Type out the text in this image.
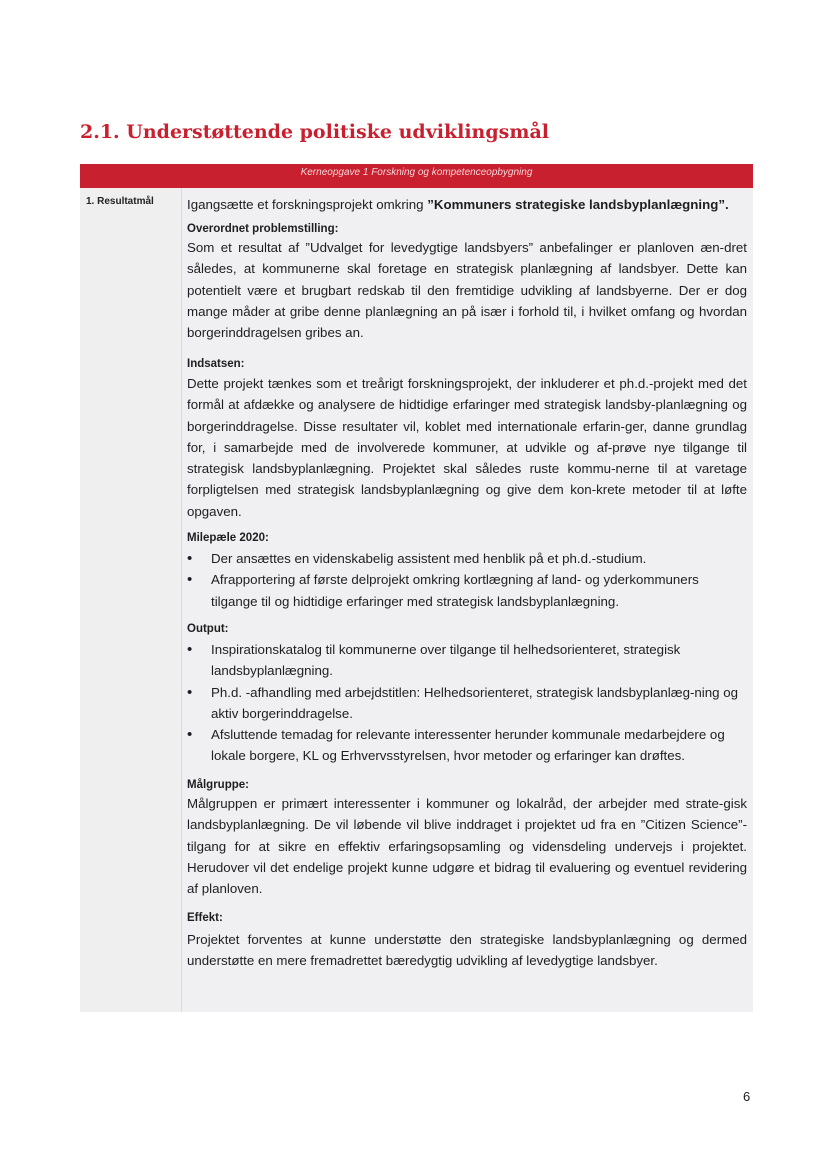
2.1. Understøttende politiske udviklingsmål
Kerneopgave 1 Forskning og kompetenceopbygning
1. Resultatmål Igangsætte et forskningsprojekt omkring ”Kommuners strategiske landsbyplanlægning”.

Overordnet problemstilling:

Som et resultat af ”Udvalget for levedygtige landsbyers” anbefalinger er planloven æn-dret således, at kommunerne skal foretage en strategisk planlægning af landsbyer. Dette kan potentielt være et brugbart redskab til den fremtidige udvikling af landsbyerne. Der er dog mange måder at gribe denne planlægning an på især i forhold til, i hvilket omfang og hvordan borgerinddragelsen gribes an.

Indsatsen:

Dette projekt tænkes som et treårigt forskningsprojekt, der inkluderer et ph.d.-projekt med det formål at afdække og analysere de hidtidige erfaringer med strategisk landsby-planlægning og borgerinddragelse. Disse resultater vil, koblet med internationale erfarin-ger, danne grundlag for, i samarbejde med de involverede kommuner, at udvikle og af-prøve nye tilgange til strategisk landsbyplanlægning. Projektet skal således ruste kommu-nerne til at varetage forpligtelsen med strategisk landsbyplanlægning og give dem kon-krete metoder til at løfte opgaven.

Milepæle 2020:
• Der ansættes en videnskabelig assistent med henblik på et ph.d.-studium.
• Afrapportering af første delprojekt omkring kortlægning af land- og yderkommuners tilgange til og hidtidige erfaringer med strategisk landsbyplanlægning.
Output:
• Inspirationskatalog til kommunerne over tilgange til helhedsorienteret, strategisk landsbyplanlægning.
• Ph.d. -afhandling med arbejdstitlen: Helhedsorienteret, strategisk landsbyplanlæg-ning og aktiv borgerinddragelse.
• Afsluttende temadag for relevante interessenter herunder kommunale medarbejdere og lokale borgere, KL og Erhvervsstyrelsen, hvor metoder og erfaringer kan drøftes.
Målgruppe:

Målgruppen er primært interessenter i kommuner og lokalråd, der arbejder med strate-gisk landsbyplanlægning. De vil løbende vil blive inddraget i projektet ud fra en ”Citizen Science”-tilgang for at sikre en effektiv erfaringsopsamling og vidensdeling undervejs i projektet. Herudover vil det endelige projekt kunne udgøre et bidrag til evaluering og eventuel revidering af planloven.

Effekt:

Projektet forventes at kunne understøtte den strategiske landsbyplanlægning og dermed understøtte en mere fremadrettet bæredygtig udvikling af levedygtige landsbyer.

6
